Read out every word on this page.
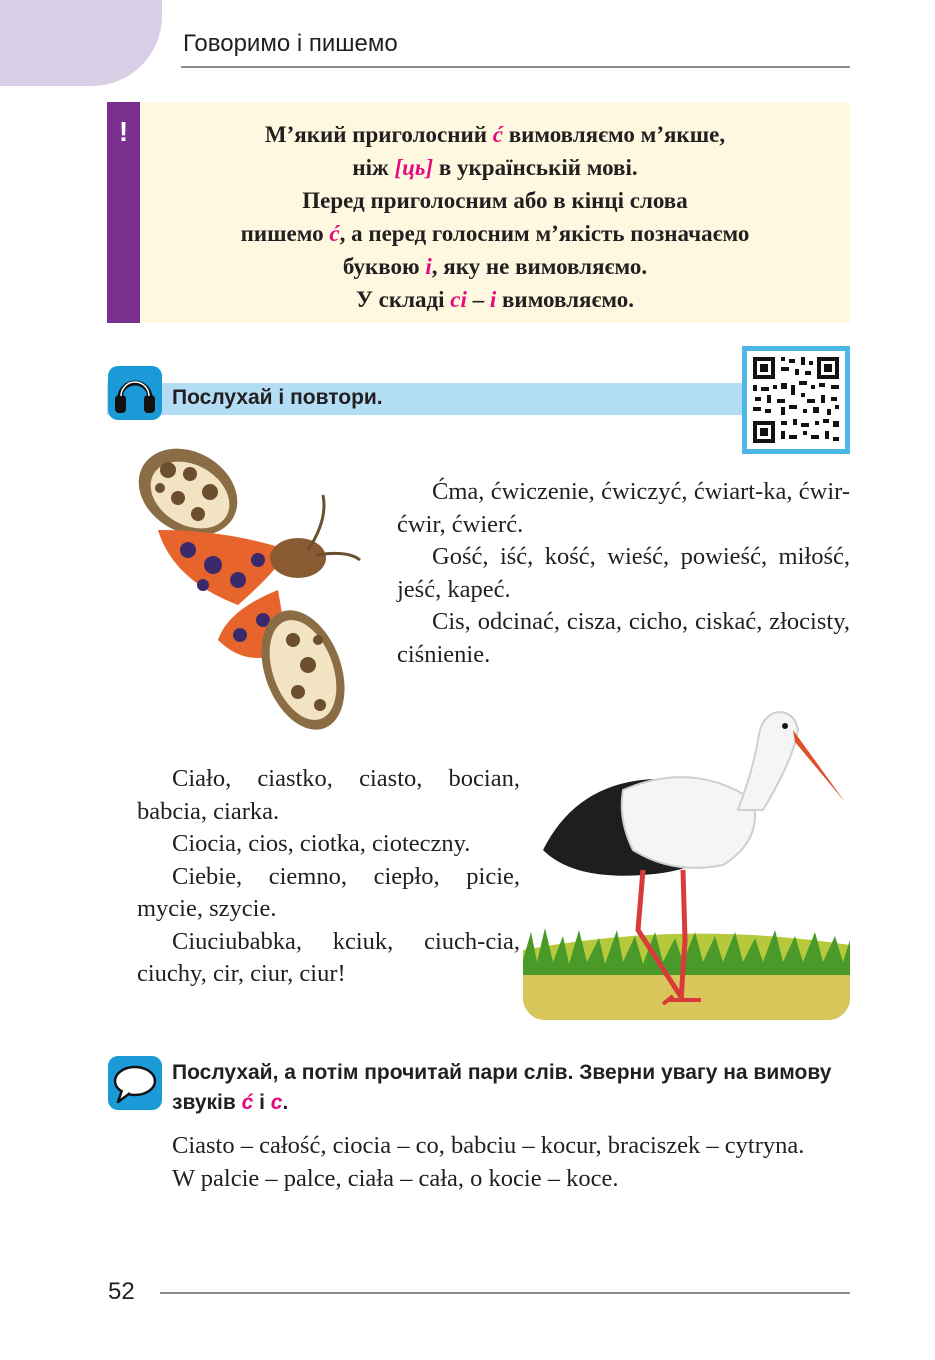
Говоримо і пишемо
!	М’який приголосний ć вимовляємо м’якше,
ніж [ць] в українській мові.
Перед приголосним або в кінці слова
пишемо ć, а перед голосним м’якість позначаємо
буквою i, яку не вимовляємо.
У складі ci – i вимовляємо.
Послухай і повтори.

Ćma, ćwiczenie, ćwiczyć, ćwiart-ka, ćwir-ćwir, ćwierć.

Gość, iść, kość, wieść, powieść, miłość, jeść, kapeć.

Cis, odcinać, cisza, cicho, ciskać, złocisty, ciśnienie.

Ciało, ciastko, ciasto, bocian, babcia, ciarka.

Ciocia, cios, ciotka, cioteczny.

Ciebie, ciemno, ciepło, picie, mycie, szycie.

Ciuciubabka, kciuk, ciuch-cia, ciuchy, cir, ciur, ciur!

Послухай, а потім прочитай пари слів. Зверни увагу на вимову звуків ć і c.

Ciasto – całość, ciocia – co, babciu – kocur, braciszek – cytryna.

W palcie – palce, ciała – cała, o kocie – koce.

52
